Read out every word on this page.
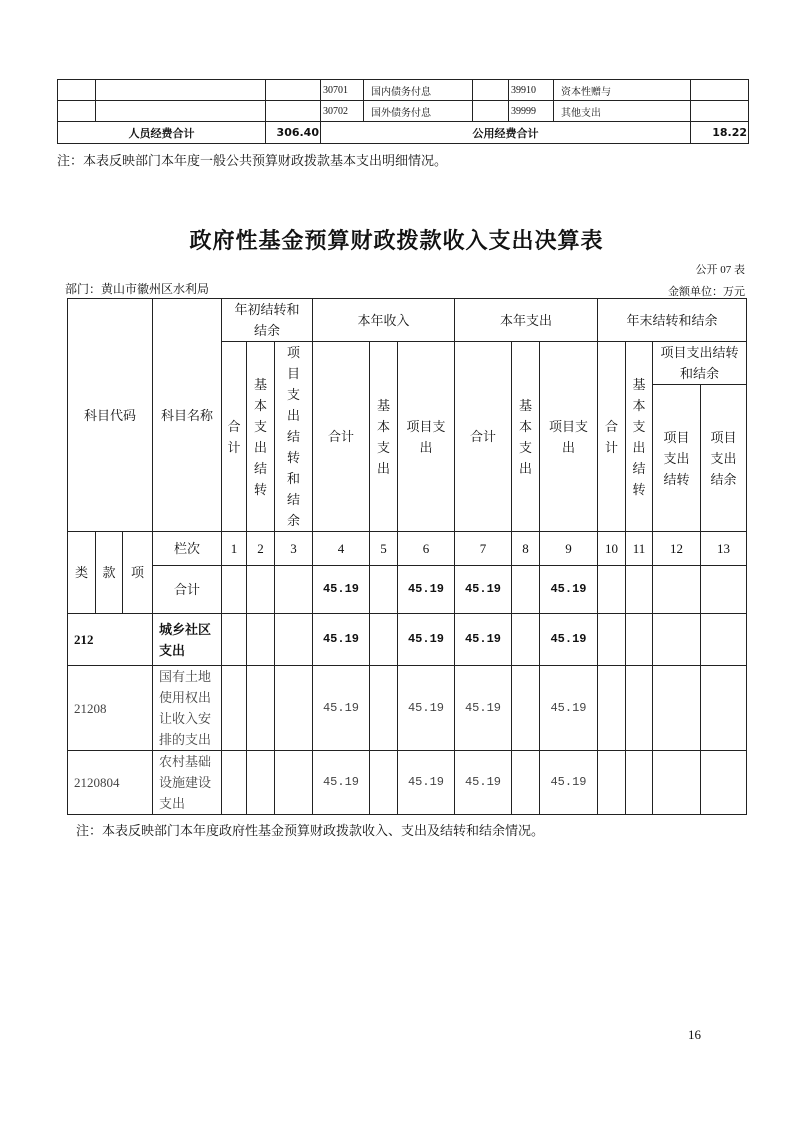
			30701	国内债务付息		39910	资本性赠与	
			30702	国外债务付息		39999	其他支出	
人员经费合计		306.40	公用经费合计					18.22
注：本表反映部门本年度一般公共预算财政拨款基本支出明细情况。
政府性基金预算财政拨款收入支出决算表
公开 07 表
部门：黄山市徽州区水利局	金额单位：万元
科目代码			科目名称	年初结转和结余			本年收入			本年支出			年末结转和结余			

				合计	基本支出结转	项目支出结转和结余	合计	基本支出	项目支出	合计	基本支出	项目支出	合计	基本支出结转	项目支出结转和结余	

															项目支出结转	项目支出结余

类	款	项	栏次	1	2	3	4	5	6	7	8	9	10	11	12	13
			合计				45.19		45.19	45.19		45.19				
212			城乡社区支出				45.19		45.19	45.19		45.19				
21208			国有土地使用权出让收入安排的支出				45.19		45.19	45.19		45.19				
2120804			农村基础设施建设支出				45.19		45.19	45.19		45.19				
注：本表反映部门本年度政府性基金预算财政拨款收入、支出及结转和结余情况。
16
